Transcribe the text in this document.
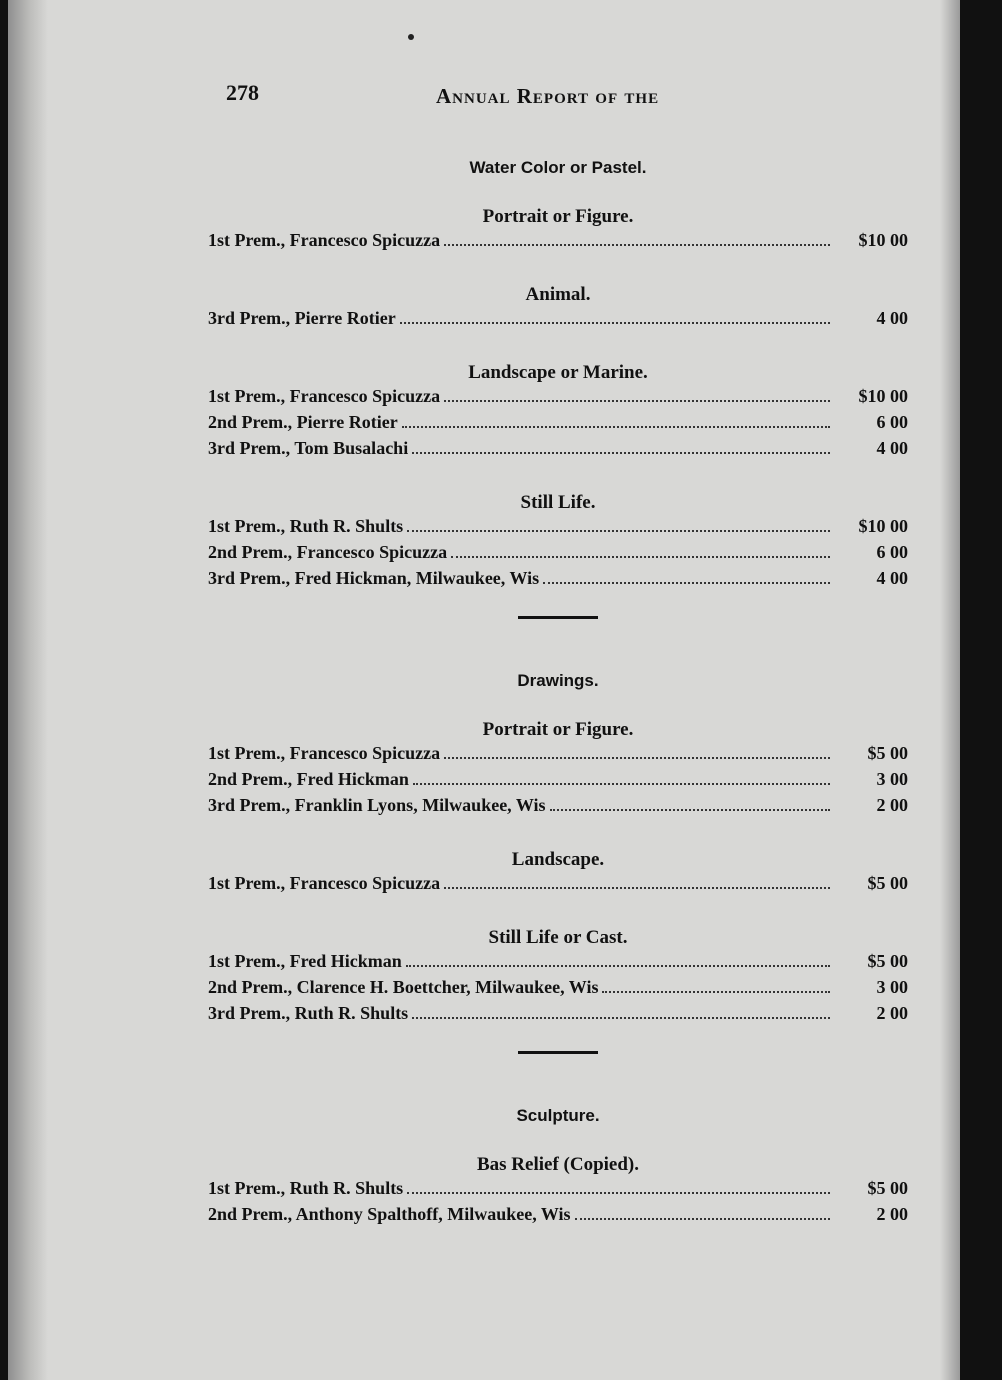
278	Annual Report of the
Water Color or Pastel.
Portrait or Figure.
1st Prem., Francesco Spicuzza	$10 00
Animal.
3rd Prem., Pierre Rotier	4 00
Landscape or Marine.
1st Prem., Francesco Spicuzza	$10 00
2nd Prem., Pierre Rotier	6 00
3rd Prem., Tom Busalachi	4 00
Still Life.
1st Prem., Ruth R. Shults	$10 00
2nd Prem., Francesco Spicuzza	6 00
3rd Prem., Fred Hickman, Milwaukee, Wis	4 00
Drawings.
Portrait or Figure.
1st Prem., Francesco Spicuzza	$5 00
2nd Prem., Fred Hickman	3 00
3rd Prem., Franklin Lyons, Milwaukee, Wis	2 00
Landscape.
1st Prem., Francesco Spicuzza	$5 00
Still Life or Cast.
1st Prem., Fred Hickman	$5 00
2nd Prem., Clarence H. Boettcher, Milwaukee, Wis	3 00
3rd Prem., Ruth R. Shults	2 00
Sculpture.
Bas Relief (Copied).
1st Prem., Ruth R. Shults	$5 00
2nd Prem., Anthony Spalthoff, Milwaukee, Wis	2 00
